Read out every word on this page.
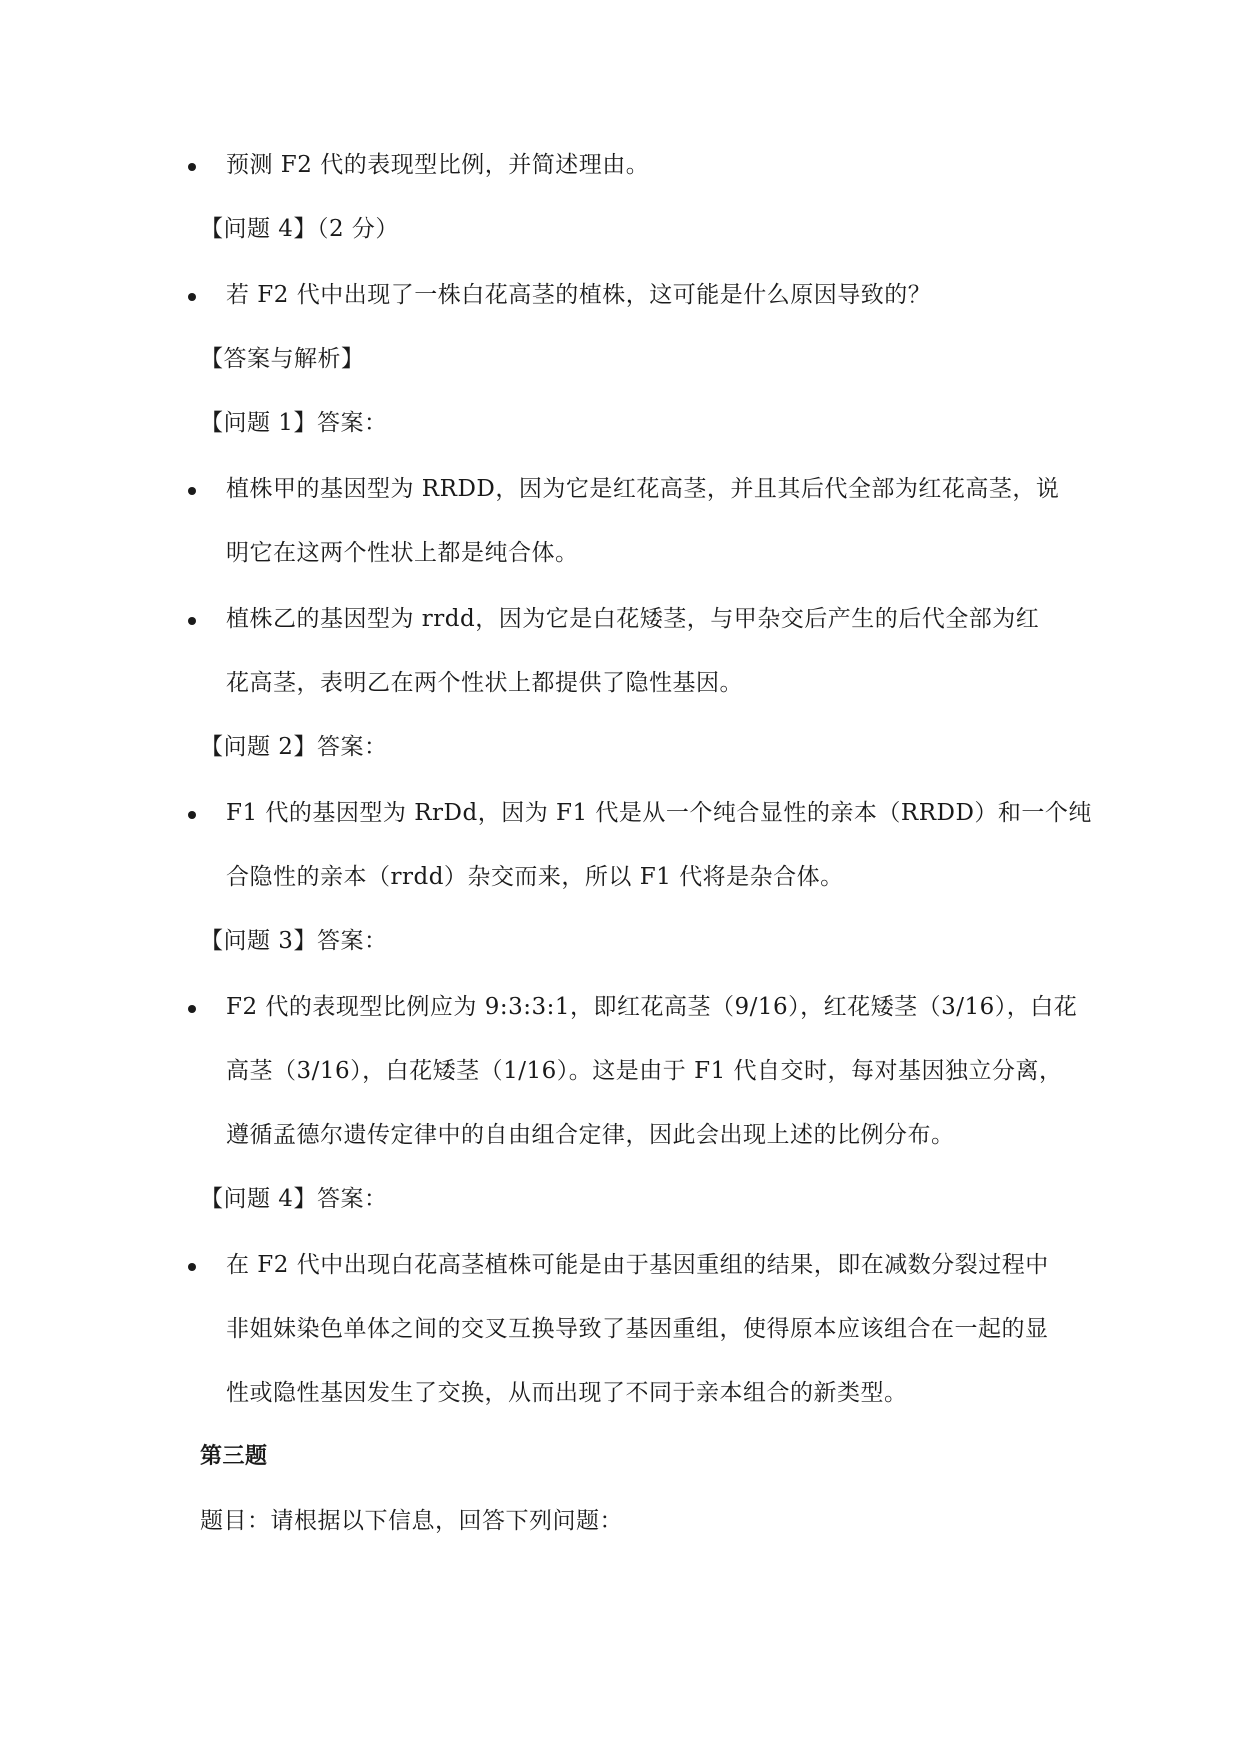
预测 F2 代的表现型比例，并简述理由。
【问题 4】（2 分）
若 F2 代中出现了一株白花高茎的植株，这可能是什么原因导致的？
【答案与解析】
【问题 1】答案：
植株甲的基因型为 RRDD，因为它是红花高茎，并且其后代全部为红花高茎，说
明它在这两个性状上都是纯合体。
植株乙的基因型为 rrdd，因为它是白花矮茎，与甲杂交后产生的后代全部为红
花高茎，表明乙在两个性状上都提供了隐性基因。
【问题 2】答案：
F1 代的基因型为 RrDd，因为 F1 代是从一个纯合显性的亲本（RRDD）和一个纯
合隐性的亲本（rrdd）杂交而来，所以 F1 代将是杂合体。
【问题 3】答案：
F2 代的表现型比例应为 9:3:3:1，即红花高茎（9/16），红花矮茎（3/16），白花
高茎（3/16），白花矮茎（1/16）。这是由于 F1 代自交时，每对基因独立分离，
遵循孟德尔遗传定律中的自由组合定律，因此会出现上述的比例分布。
【问题 4】答案：
在 F2 代中出现白花高茎植株可能是由于基因重组的结果，即在减数分裂过程中
非姐妹染色单体之间的交叉互换导致了基因重组，使得原本应该组合在一起的显
性或隐性基因发生了交换，从而出现了不同于亲本组合的新类型。
第三题
题目：请根据以下信息，回答下列问题：
